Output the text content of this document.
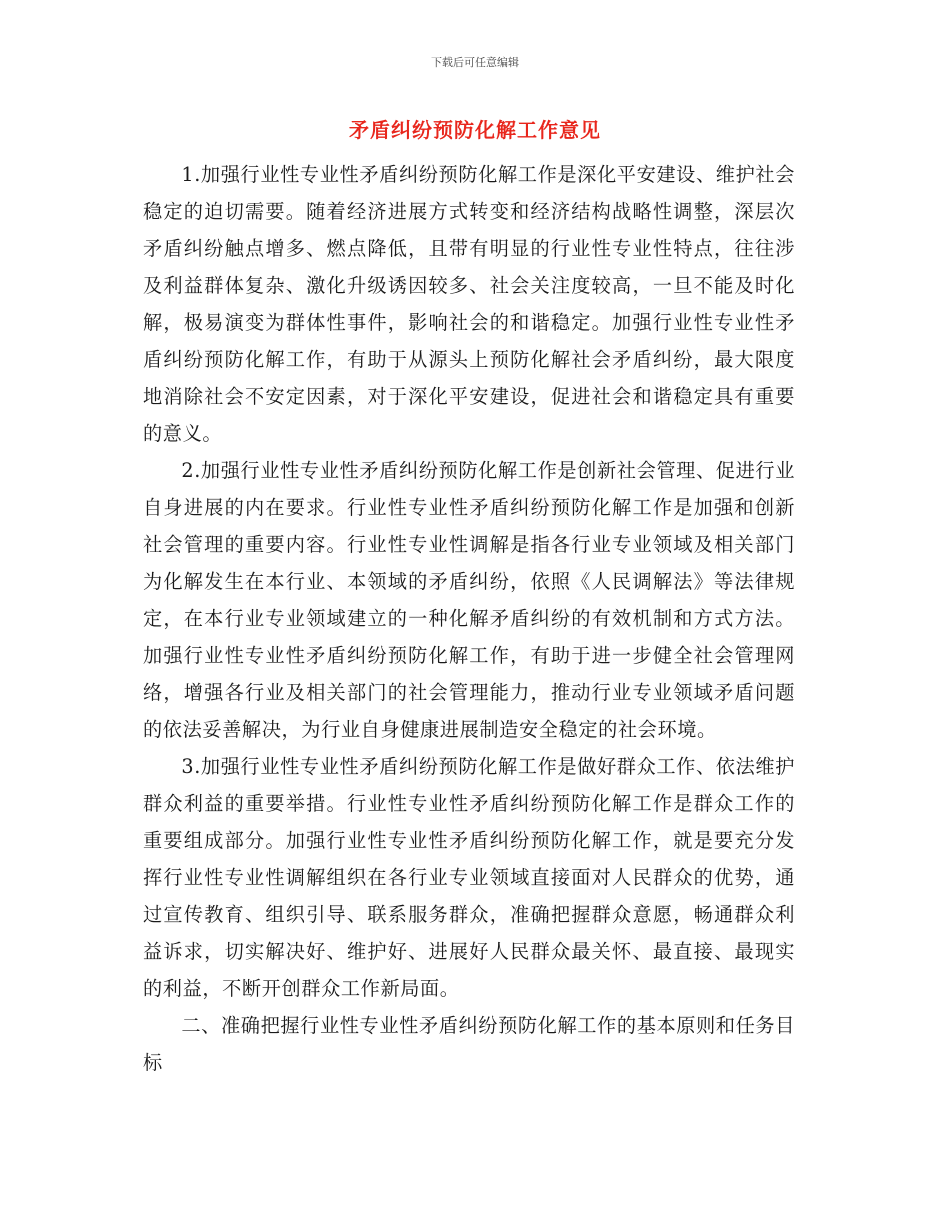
下载后可任意编辑
矛盾纠纷预防化解工作意见

1.加强行业性专业性矛盾纠纷预防化解工作是深化平安建设、维护社会稳定的迫切需要。随着经济进展方式转变和经济结构战略性调整，深层次矛盾纠纷触点增多、燃点降低，且带有明显的行业性专业性特点，往往涉及利益群体复杂、激化升级诱因较多、社会关注度较高，一旦不能及时化解，极易演变为群体性事件，影响社会的和谐稳定。加强行业性专业性矛盾纠纷预防化解工作，有助于从源头上预防化解社会矛盾纠纷，最大限度地消除社会不安定因素，对于深化平安建设，促进社会和谐稳定具有重要的意义。

2.加强行业性专业性矛盾纠纷预防化解工作是创新社会管理、促进行业自身进展的内在要求。行业性专业性矛盾纠纷预防化解工作是加强和创新社会管理的重要内容。行业性专业性调解是指各行业专业领域及相关部门为化解发生在本行业、本领域的矛盾纠纷，依照《人民调解法》等法律规定，在本行业专业领域建立的一种化解矛盾纠纷的有效机制和方式方法。加强行业性专业性矛盾纠纷预防化解工作，有助于进一步健全社会管理网络，增强各行业及相关部门的社会管理能力，推动行业专业领域矛盾问题的依法妥善解决，为行业自身健康进展制造安全稳定的社会环境。

3.加强行业性专业性矛盾纠纷预防化解工作是做好群众工作、依法维护群众利益的重要举措。行业性专业性矛盾纠纷预防化解工作是群众工作的重要组成部分。加强行业性专业性矛盾纠纷预防化解工作，就是要充分发挥行业性专业性调解组织在各行业专业领域直接面对人民群众的优势，通过宣传教育、组织引导、联系服务群众，准确把握群众意愿，畅通群众利益诉求，切实解决好、维护好、进展好人民群众最关怀、最直接、最现实的利益，不断开创群众工作新局面。

二、准确把握行业性专业性矛盾纠纷预防化解工作的基本原则和任务目标
